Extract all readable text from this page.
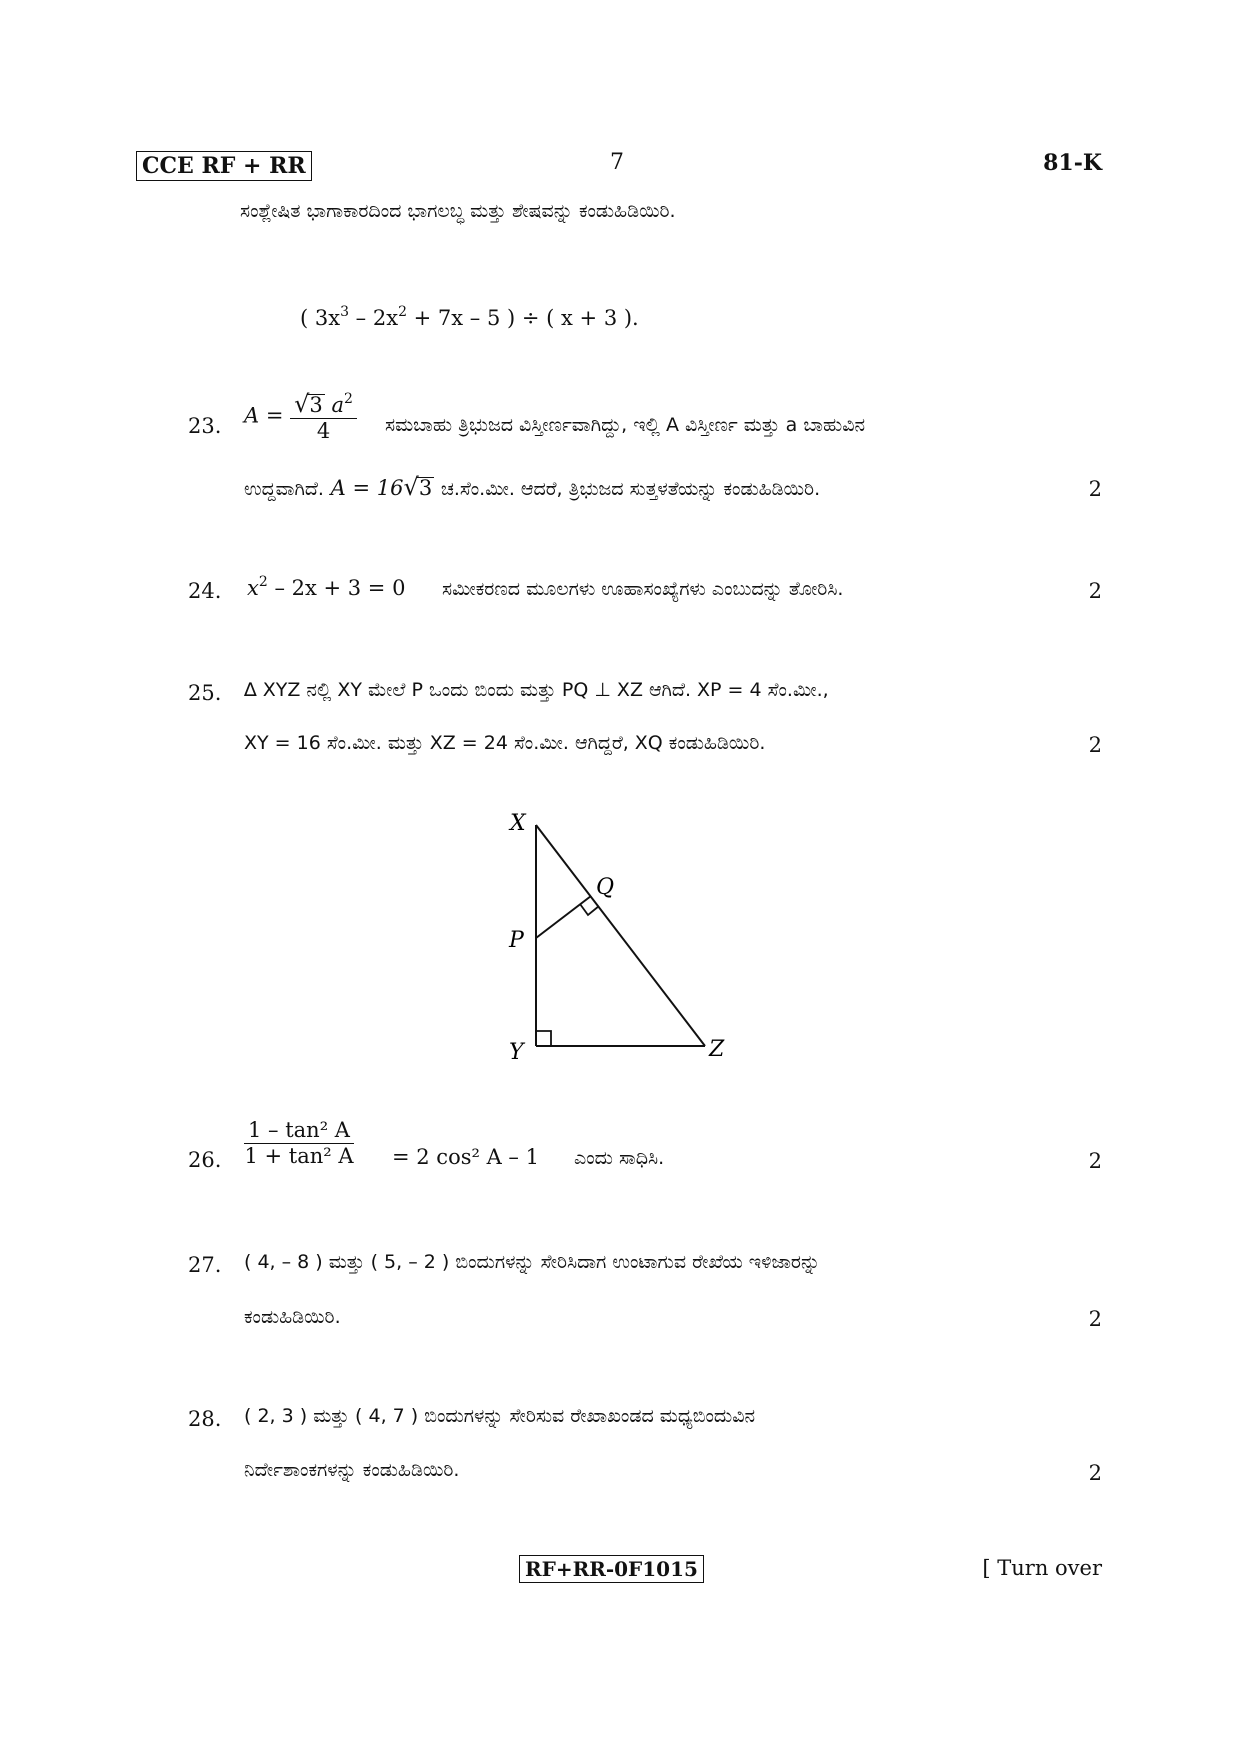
CCE RF + RR	7	81-K
ಸಂಶ್ಲೇಷಿತ ಭಾಗಾಕಾರದಿಂದ ಭಾಗಲಬ್ಧ ಮತ್ತು ಶೇಷವನ್ನು ಕಂಡುಹಿಡಿಯಿರಿ.
( $3x^3 - 2x^2 + 7x - 5$ ) ÷ ( x + 3 ).
23. $A = \frac{√3 a^2}{4}$ ಸಮಬಾಹು ತ್ರಿಭುಜದ ವಿಸ್ತೀರ್ಣವಾಗಿದ್ದು, ಇಲ್ಲಿ A ವಿಸ್ತೀರ್ಣ ಮತ್ತು a ಬಾಹುವಿನ
ಉದ್ದವಾಗಿದೆ. A = 16√3 ಚ.ಸೆಂ.ಮೀ. ಆದರೆ, ತ್ರಿಭುಜದ ಸುತ್ತಳತೆಯನ್ನು ಕಂಡುಹಿಡಿಯಿರಿ.	2
24. $x^2 - 2x + 3 = 0$ ಸಮೀಕರಣದ ಮೂಲಗಳು ಊಹಾಸಂಖ್ಯೆಗಳು ಎಂಬುದನ್ನು ತೋರಿಸಿ.	2
25. ∆ XYZ ನಲ್ಲಿ XY ಮೇಲೆ P ಒಂದು ಬಿಂದು ಮತ್ತು PQ ⊥ XZ ಆಗಿದೆ. XP = 4 ಸೆಂ.ಮೀ.,
XY = 16 ಸೆಂ.ಮೀ. ಮತ್ತು XZ = 24 ಸೆಂ.ಮೀ. ಆಗಿದ್ದರೆ, XQ ಕಂಡುಹಿಡಿಯಿರಿ.	2
X
Q
P
Y	Z
26. $\frac{\text{1 – tan² A}}{\text{1 + tan² A}} = 2$ cos² A – 1 ಎಂದು ಸಾಧಿಸಿ.	2
27. ( 4, – 8 ) ಮತ್ತು ( 5, – 2 ) ಬಿಂದುಗಳನ್ನು ಸೇರಿಸಿದಾಗ ಉಂಟಾಗುವ ರೇಖೆಯ ಇಳಿಜಾರನ್ನು
ಕಂಡುಹಿಡಿಯಿರಿ.	2
28. ( 2, 3 ) ಮತ್ತು ( 4, 7 ) ಬಿಂದುಗಳನ್ನು ಸೇರಿಸುವ ರೇಖಾಖಂಡದ ಮಧ್ಯಬಿಂದುವಿನ
ನಿರ್ದೇಶಾಂಕಗಳನ್ನು ಕಂಡುಹಿಡಿಯಿರಿ.	2
RF+RR-0F1015	[ Turn over
